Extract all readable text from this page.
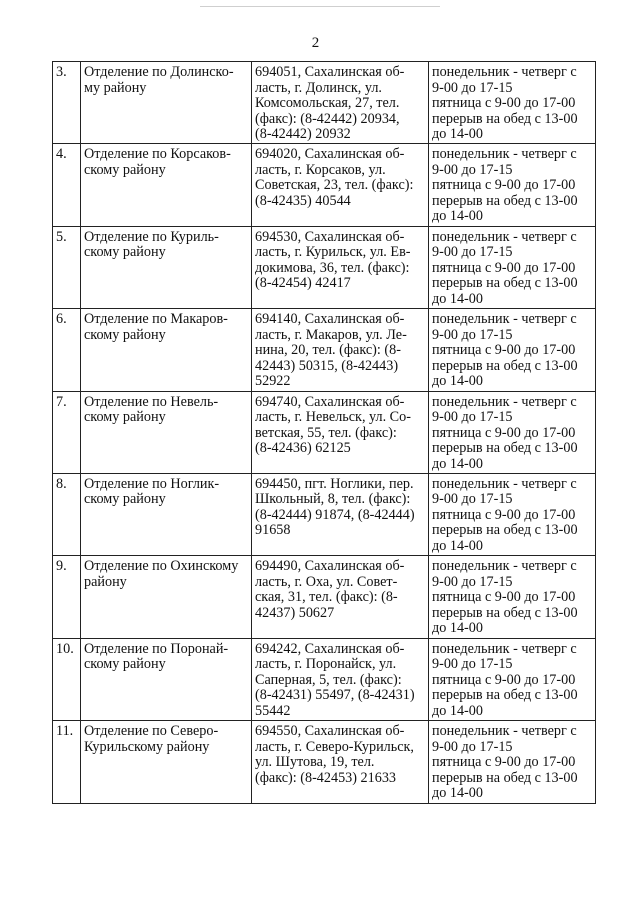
2
3.	Отделение по Долинско-
му району	694051, Сахалинская об-
ласть, г. Долинск, ул.
Комсомольская, 27, тел.
(факс): (8-42442) 20934,
(8-42442) 20932	понедельник - четверг с
9-00 до 17-15
пятница с 9-00 до 17-00
перерыв на обед с 13-00
до 14-00

4.	Отделение по Корсаков-
скому району	694020, Сахалинская об-
ласть, г. Корсаков, ул.
Советская, 23, тел. (факс):
(8-42435) 40544	понедельник - четверг с
9-00 до 17-15
пятница с 9-00 до 17-00
перерыв на обед с 13-00
до 14-00

5.	Отделение по Куриль-
скому району	694530, Сахалинская об-
ласть, г. Курильск, ул. Ев-
докимова, 36, тел. (факс):
(8-42454) 42417	понедельник - четверг с
9-00 до 17-15
пятница с 9-00 до 17-00
перерыв на обед с 13-00
до 14-00

6.	Отделение по Макаров-
скому району	694140, Сахалинская об-
ласть, г. Макаров, ул. Ле-
нина, 20, тел. (факс): (8-
42443) 50315, (8-42443)
52922	понедельник - четверг с
9-00 до 17-15
пятница с 9-00 до 17-00
перерыв на обед с 13-00
до 14-00

7.	Отделение по Невель-
скому району	694740, Сахалинская об-
ласть, г. Невельск, ул. Со-
ветская, 55, тел. (факс):
(8-42436) 62125	понедельник - четверг с
9-00 до 17-15
пятница с 9-00 до 17-00
перерыв на обед с 13-00
до 14-00

8.	Отделение по Ноглик-
скому району	694450, пгт. Ноглики, пер.
Школьный, 8, тел. (факс):
(8-42444) 91874, (8-42444)
91658	понедельник - четверг с
9-00 до 17-15
пятница с 9-00 до 17-00
перерыв на обед с 13-00
до 14-00

9.	Отделение по Охинскому
району	694490, Сахалинская об-
ласть, г. Оха, ул. Совет-
ская, 31, тел. (факс): (8-
42437) 50627	понедельник - четверг с
9-00 до 17-15
пятница с 9-00 до 17-00
перерыв на обед с 13-00
до 14-00

10.	Отделение по Поронай-
скому району	694242, Сахалинская об-
ласть, г. Поронайск, ул.
Саперная, 5, тел. (факс):
(8-42431) 55497, (8-42431)
55442	понедельник - четверг с
9-00 до 17-15
пятница с 9-00 до 17-00
перерыв на обед с 13-00
до 14-00

11.	Отделение по Северо-
Курильскому району	694550, Сахалинская об-
ласть, г. Северо-Курильск,
ул. Шутова, 19, тел.
(факс): (8-42453) 21633	понедельник - четверг с
9-00 до 17-15
пятница с 9-00 до 17-00
перерыв на обед с 13-00
до 14-00
